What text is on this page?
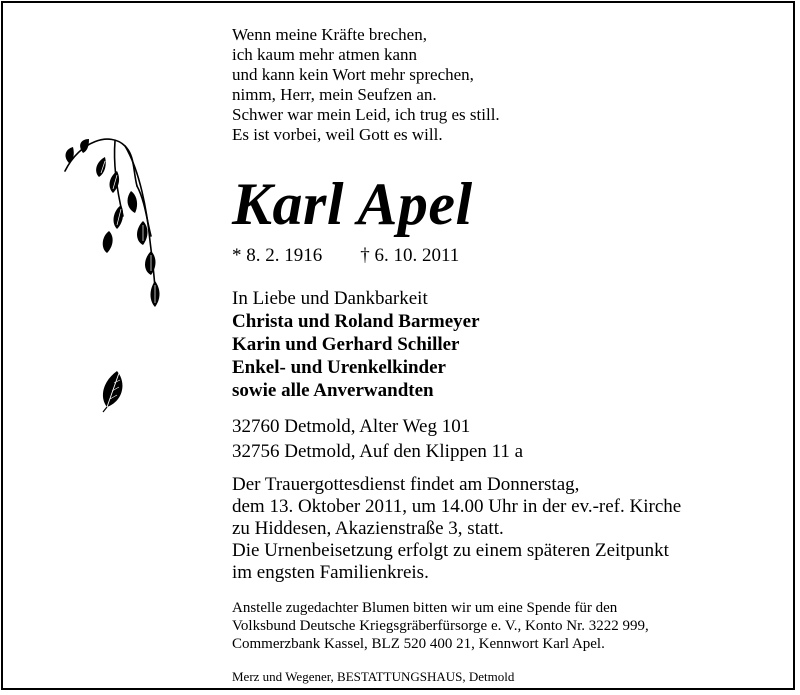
Wenn meine Kräfte brechen,
ich kaum mehr atmen kann
und kann kein Wort mehr sprechen,
nimm, Herr, mein Seufzen an.
Schwer war mein Leid, ich trug es still.
Es ist vorbei, weil Gott es will.
Karl Apel
* 8. 2. 1916 † 6. 10. 2011
In Liebe und Dankbarkeit
Christa und Roland Barmeyer
Karin und Gerhard Schiller
Enkel- und Urenkelkinder
sowie alle Anverwandten
32760 Detmold, Alter Weg 101
32756 Detmold, Auf den Klippen 11 a
Der Trauergottesdienst findet am Donnerstag,
dem 13. Oktober 2011, um 14.00 Uhr in der ev.-ref. Kirche
zu Hiddesen, Akazienstraße 3, statt.
Die Urnenbeisetzung erfolgt zu einem späteren Zeitpunkt
im engsten Familienkreis.
Anstelle zugedachter Blumen bitten wir um eine Spende für den
Volksbund Deutsche Kriegsgräberfürsorge e. V., Konto Nr. 3222 999,
Commerzbank Kassel, BLZ 520 400 21, Kennwort Karl Apel.
Merz und Wegener, BESTATTUNGSHAUS, Detmold
